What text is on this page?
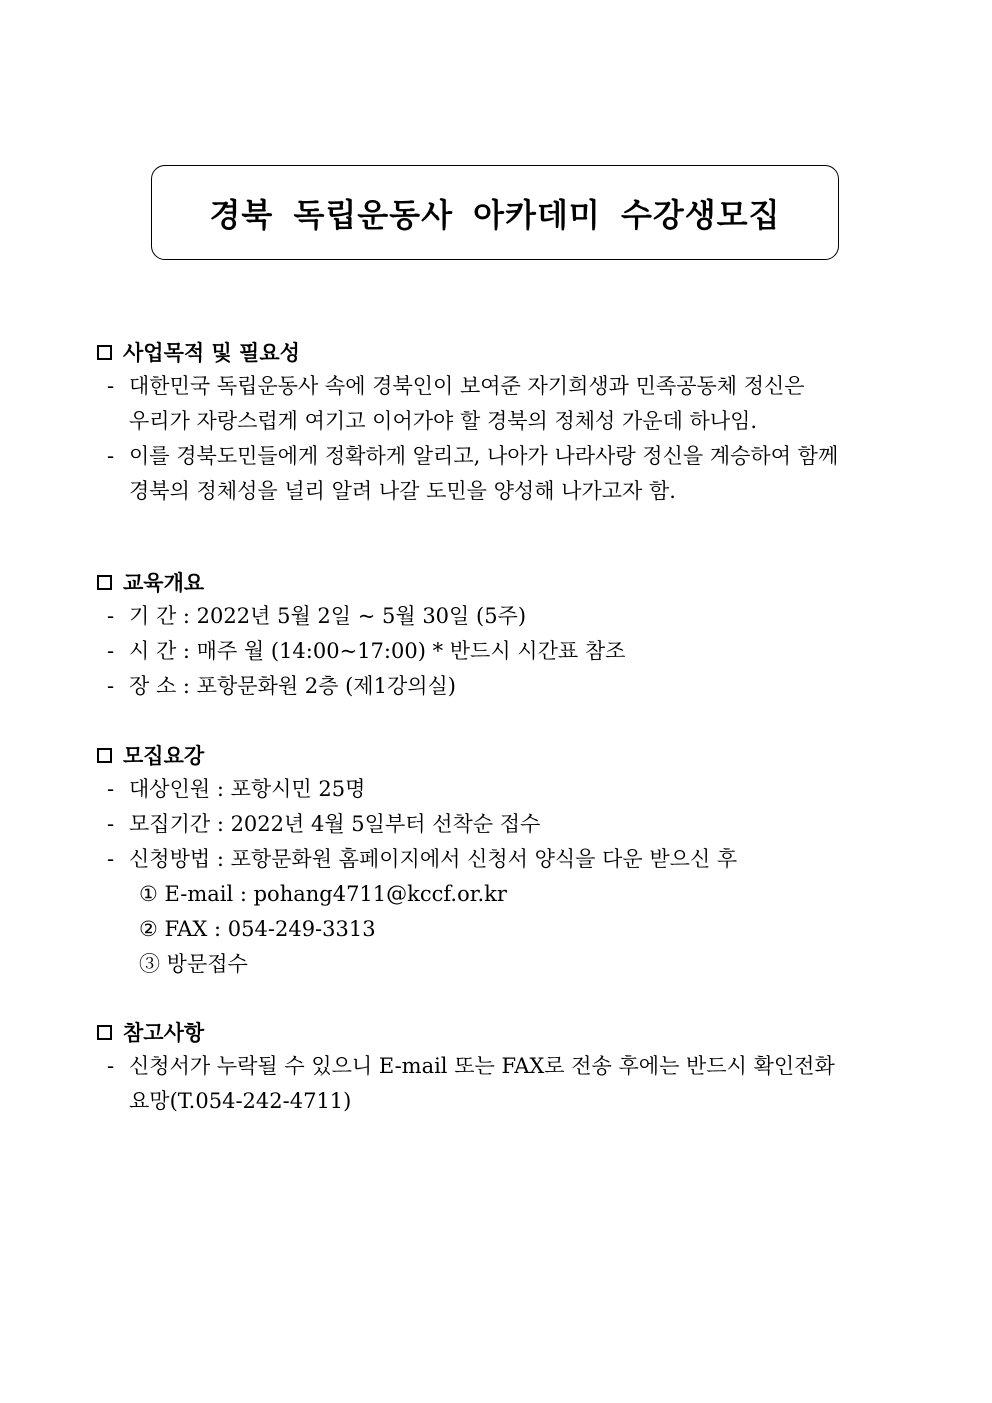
경북 독립운동사 아카데미 수강생모집
사업목적 및 필요성
- 대한민국 독립운동사 속에 경북인이 보여준 자기희생과 민족공동체 정신은
우리가 자랑스럽게 여기고 이어가야 할 경북의 정체성 가운데 하나임.
- 이를 경북도민들에게 정확하게 알리고, 나아가 나라사랑 정신을 계승하여 함께
경북의 정체성을 널리 알려 나갈 도민을 양성해 나가고자 함.
교육개요
- 기 간 : 2022년 5월 2일 ~ 5월 30일 (5주)
- 시 간 : 매주 월 (14:00~17:00) * 반드시 시간표 참조
- 장 소 : 포항문화원 2층 (제1강의실)
모집요강
- 대상인원 : 포항시민 25명
- 모집기간 : 2022년 4월 5일부터 선착순 접수
- 신청방법 : 포항문화원 홈페이지에서 신청서 양식을 다운 받으신 후
① E-mail : pohang4711@kccf.or.kr
② FAX : 054-249-3313
③ 방문접수
참고사항
- 신청서가 누락될 수 있으니 E-mail 또는 FAX로 전송 후에는 반드시 확인전화
요망(T.054-242-4711)
